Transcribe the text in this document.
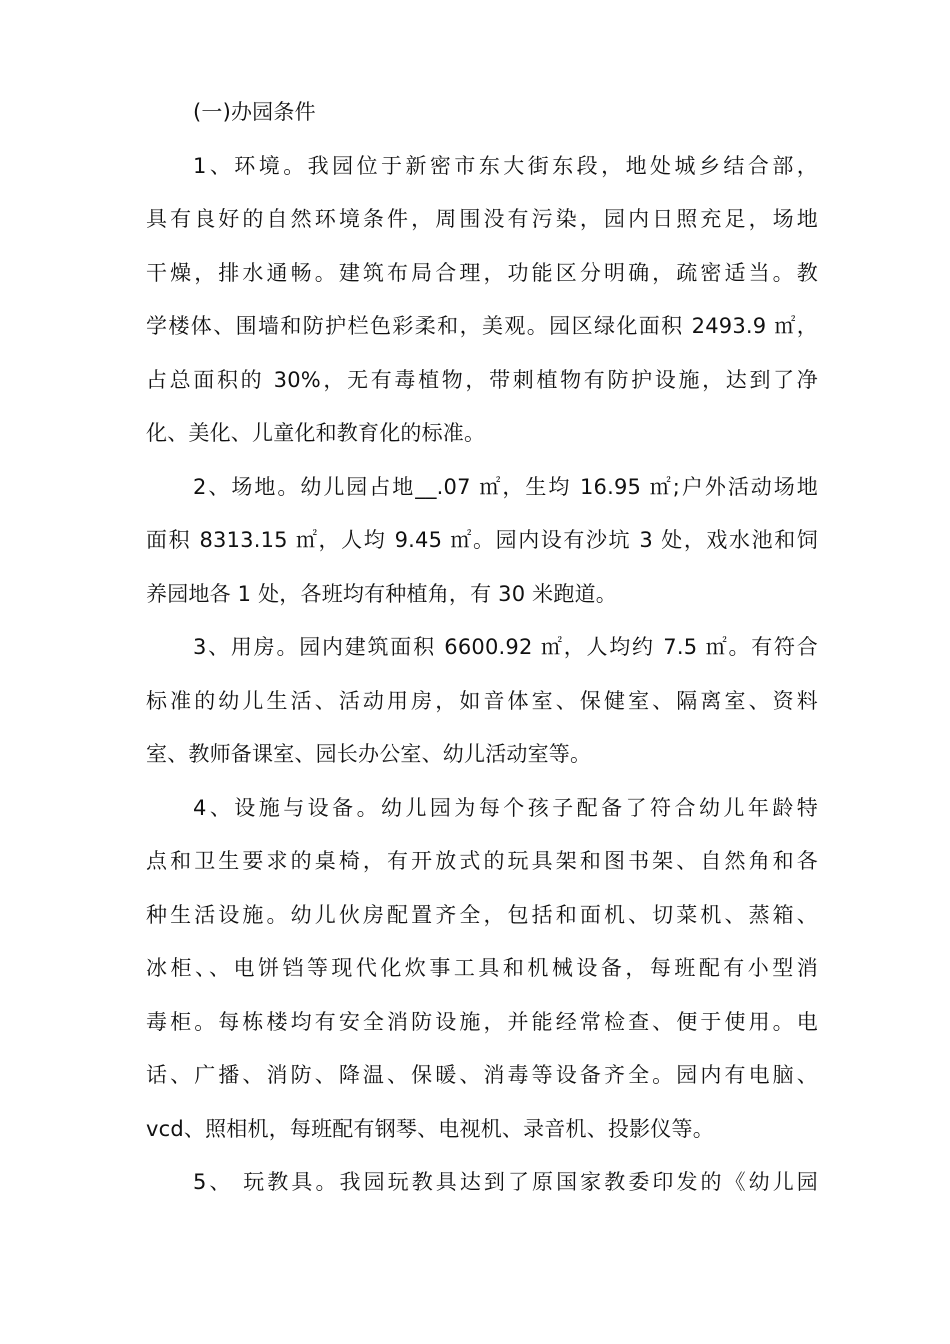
(一)办园条件
1、环境。我园位于新密市东大街东段，地处城乡结合部，
具有良好的自然环境条件，周围没有污染，园内日照充足，场地
干燥，排水通畅。建筑布局合理，功能区分明确，疏密适当。教
学楼体、围墙和防护栏色彩柔和，美观。园区绿化面积 2493.9 ㎡，
占总面积的 30%，无有毒植物，带刺植物有防护设施，达到了净
化、美化、儿童化和教育化的标准。
2、场地。幼儿园占地__.07 ㎡，生均 16.95 ㎡;户外活动场地
面积 8313.15 ㎡，人均 9.45 ㎡。园内设有沙坑 3 处，戏水池和饲
养园地各 1 处，各班均有种植角，有 30 米跑道。
3、用房。园内建筑面积 6600.92 ㎡，人均约 7.5 ㎡。有符合
标准的幼儿生活、活动用房，如音体室、保健室、隔离室、资料
室、教师备课室、园长办公室、幼儿活动室等。
4、设施与设备。幼儿园为每个孩子配备了符合幼儿年龄特
点和卫生要求的桌椅，有开放式的玩具架和图书架、自然角和各
种生活设施。幼儿伙房配置齐全，包括和面机、切菜机、蒸箱、
冰柜、、电饼铛等现代化炊事工具和机械设备，每班配有小型消
毒柜。每栋楼均有安全消防设施，并能经常检查、便于使用。电
话、广播、消防、降温、保暖、消毒等设备齐全。园内有电脑、
vcd、照相机，每班配有钢琴、电视机、录音机、投影仪等。
5、 玩教具。我园玩教具达到了原国家教委印发的《幼儿园
